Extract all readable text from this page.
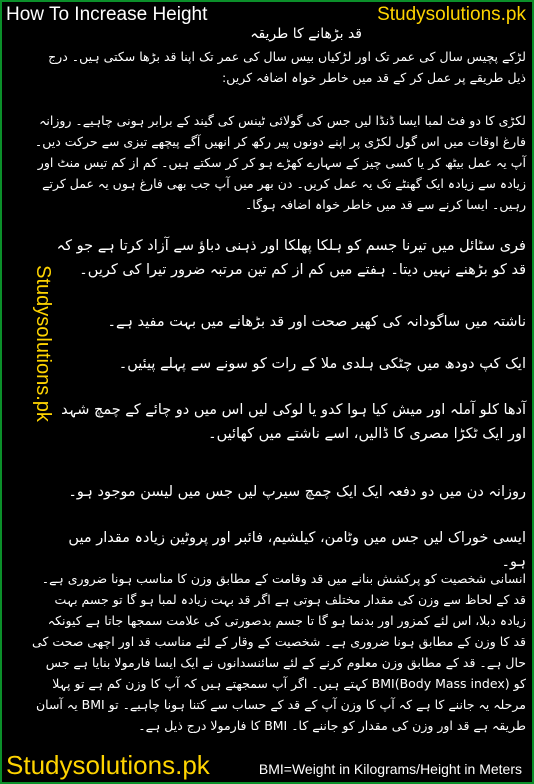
How To Increase Height	Studysolutions.pk
قد بڑھانے کا طریقہ
لڑکے پچیس سال کی عمر تک اور لڑکیاں بیس سال کی عمر تک اپنا قد بڑھا سکتی ہیں۔ درج ذیل طریقے پر عمل کر کے قد میں خاطر خواہ اضافہ کریں:
لکڑی کا دو فٹ لمبا ایسا ڈنڈا لیں جس کی گولائی ٹینس کی گیند کے برابر ہونی چاہیے۔ روزانہ فارغ اوقات میں اس گول لکڑی پر اپنے دونوں پیر رکھ کر انھیں آگے پیچھے تیزی سے حرکت دیں۔ آپ یہ عمل بیٹھ کر یا کسی چیز کے سہارے کھڑے ہو کر کر سکتے ہیں۔ کم از کم تیس منٹ اور زیادہ سے زیادہ ایک گھنٹے تک یہ عمل کریں۔ دن بھر میں آپ جب بھی فارغ ہوں یہ عمل کرتے رہیں۔ ایسا کرنے سے قد میں خاطر خواہ اضافہ ہوگا۔
فری سٹائل میں تیرنا جسم کو ہلکا پھلکا اور ذہنی دباؤ سے آزاد کرتا ہے جو کہ قد کو بڑھنے نہیں دیتا۔ ہفتے میں کم از کم تین مرتبہ ضرور تیرا کی کریں۔
ناشتہ میں ساگودانہ کی کھیر صحت اور قد بڑھانے میں بہت مفید ہے۔
ایک کپ دودھ میں چٹکی ہلدی ملا کے رات کو سونے سے پہلے پیئیں۔
آدھا کلو آملہ اور میش کیا ہوا کدو یا لوکی لیں اس میں دو چائے کے چمچ شہد اور ایک ٹکڑا مصری کا ڈالیں، اسے ناشتے میں کھائیں۔
روزانہ دن میں دو دفعہ ایک ایک چمچ سیرپ لیں جس میں لیسن موجود ہو۔
ایسی خوراک لیں جس میں وٹامن، کیلشیم، فائبر اور پروٹین زیادہ مقدار میں ہو۔
انسانی شخصیت کو پرکشش بنانے میں قد وقامت کے مطابق وزن کا مناسب ہونا ضروری ہے۔ قد کے لحاظ سے وزن کی مقدار مختلف ہوتی ہے اگر قد بہت زیادہ لمبا ہو گا تو جسم بہت زیادہ دبلا، اس لئے کمزور اور بدنما ہو گا تا جسم بدصورتی کی علامت سمجھا جاتا ہے کیونکہ قد کا وزن کے مطابق ہونا ضروری ہے۔ شخصیت کے وقار کے لئے مناسب قد اور اچھی صحت کی حال ہے۔ قد کے مطابق وزن معلوم کرنے کے لئے سائنسدانوں نے ایک ایسا فارمولا بنایا ہے جس کو (BMI(Body Mass index کہتے ہیں۔ اگر آپ سمجھتے ہیں کہ آپ کا وزن کم ہے تو پہلا مرحلہ یہ جاننے کا ہے کہ آپ کا وزن آپ کے قد کے حساب سے کتنا ہونا چاہیے۔ تو BMI یہ آسان طریقہ ہے قد اور وزن کی مقدار کو جاننے کا۔ BMI کا فارمولا درج ذیل ہے۔
Studysolutions.pk
Studysolutions.pk	BMI=Weight in Kilograms/Height in Meters
